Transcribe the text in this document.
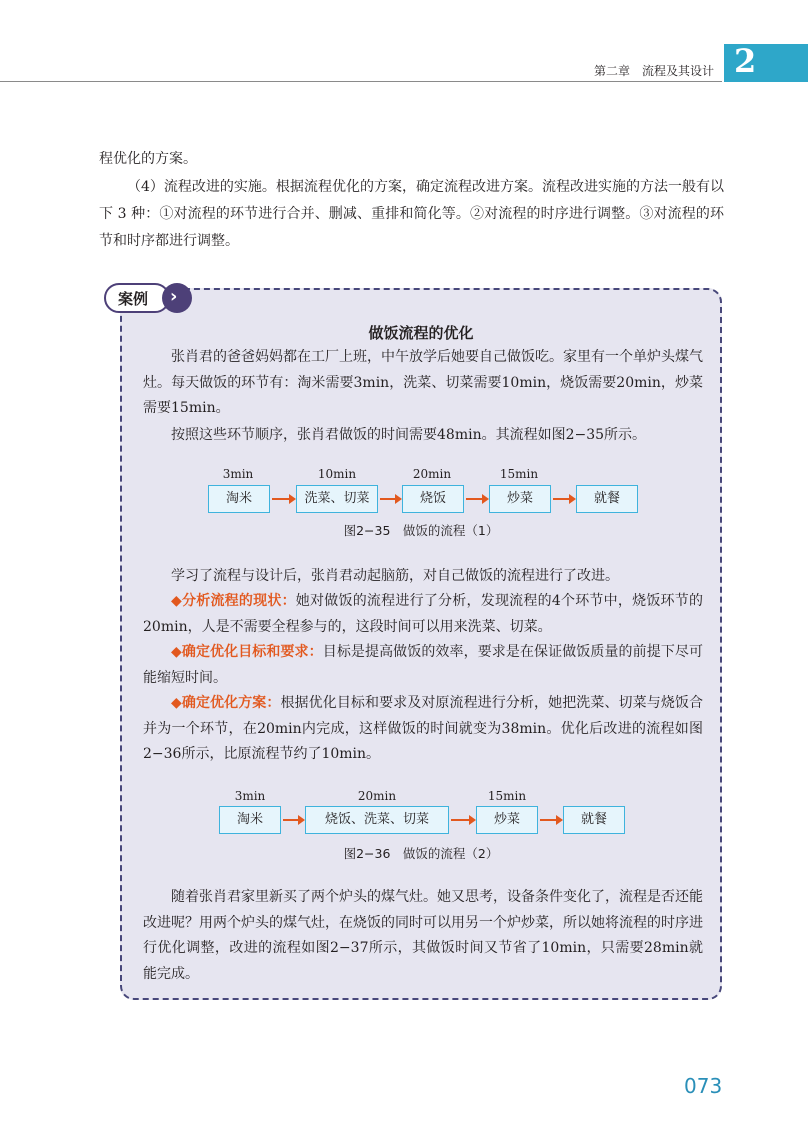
第二章　流程及其设计 2

程优化的方案。

（4）流程改进的实施。根据流程优化的方案，确定流程改进方案。流程改进实施的方法一般有以下 3 种：①对流程的环节进行合并、删减、重排和简化等。②对流程的时序进行调整。③对流程的环节和时序都进行调整。

›
案例
做饭流程的优化

张肖君的爸爸妈妈都在工厂上班，中午放学后她要自己做饭吃。家里有一个单炉头煤气灶。每天做饭的环节有：淘米需要3min，洗菜、切菜需要10min，烧饭需要20min，炒菜需要15min。

按照这些环节顺序，张肖君做饭的时间需要48min。其流程如图2−35所示。

3min	10min	20min	15min
淘米	洗菜、切菜	烧饭	炒菜	就餐
图2−35　做饭的流程（1）

学习了流程与设计后，张肖君动起脑筋，对自己做饭的流程进行了改进。

◆分析流程的现状：她对做饭的流程进行了分析，发现流程的4个环节中，烧饭环节的20min，人是不需要全程参与的，这段时间可以用来洗菜、切菜。

◆确定优化目标和要求：目标是提高做饭的效率，要求是在保证做饭质量的前提下尽可能缩短时间。

◆确定优化方案：根据优化目标和要求及对原流程进行分析，她把洗菜、切菜与烧饭合并为一个环节，在20min内完成，这样做饭的时间就变为38min。优化后改进的流程如图2−36所示，比原流程节约了10min。

3min	20min	15min
淘米	烧饭、洗菜、切菜	炒菜	就餐
图2−36　做饭的流程（2）

随着张肖君家里新买了两个炉头的煤气灶。她又思考，设备条件变化了，流程是否还能改进呢？用两个炉头的煤气灶，在烧饭的同时可以用另一个炉炒菜，所以她将流程的时序进行优化调整，改进的流程如图2−37所示，其做饭时间又节省了10min，只需要28min就能完成。

073
